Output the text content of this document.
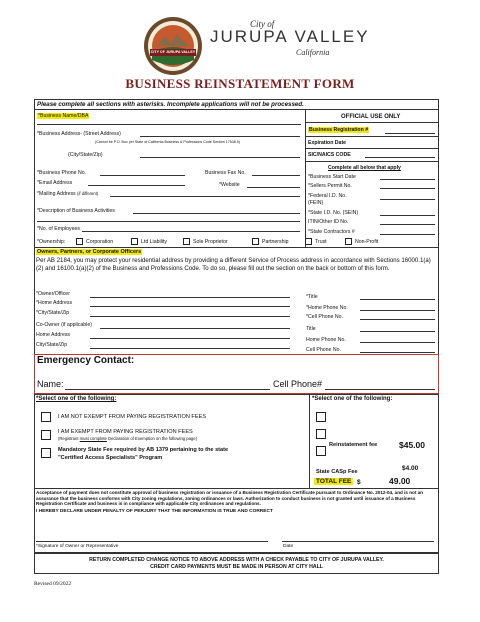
CITY OF JURUPA VALLEY
City of
JURUPA VALLEY
California
BUSINESS REINSTATEMENT FORM
Please complete all sections with asterisks. Incomplete applications will not be processed.
*Business Name/DBA
*Business Address- (Street Address)
(Cannot be P.O. Box per State of California Business & Professions Code Section 17538.5)
(City/State/Zip)
*Business Phone No.	Business Fax No.
*Email Address	*Website
*Mailing Address (if different)
*Description of Business Activities
*No. of Employees
*Ownership:	Corporation	Ltd Liability	Sole Proprietor	Partnership	Trust	Non-Profit
OFFICIAL USE ONLY
Business Registration #
Expiration Date
SIC/NAICS CODE
Complete all below that apply
*Business Start Date
*Sellers Permit No.
*Federal I.D. No.
(FEIN)
*State I.D. No. (SEIN)
ITIN/Other ID No.
*State Contractors #
Owners, Partners, or Corporate Officers
Per AB 2184, you may protect your residential address by providing a different Service of Process address in accordance with Sections 16000.1(a)(2) and 16100.1(a)(2) of the Business and Professions Code. To do so, please fill out the section on the back or bottom of this form.
*Owner/Officer
*Home Address
*City/State/Zip
*Title
*Home Phone No.
*Cell Phone No.
Co-Owner (if applicable)
Home Address
City/State/Zip
Title
Home Phone No.
Cell Phone No.
Emergency Contact:
Name:	Cell Phone#
*Select one of the following:
I AM NOT EXEMPT FROM PAYING REGISTRATION FEES
I AM EXEMPT FROM PAYING REGISTRATION FEES
(Registrant must complete Declaration of Exemption on the following page)
Mandatory State Fee required by AB 1379 pertaining to the state
"Certified Access Specialists" Program
*Select one of the following:
Reinstatement fee	$45.00
State CASp Fee	$4.00
TOTAL FEE $	49.00
Acceptance of payment does not constitute approval of business registration or issuance of a Business Registration Certificate pursuant to Ordinance No. 2012-04, and is not an assurance that the business conforms with City zoning regulations, zoning ordinances or laws. Authorization to conduct business is not granted until issuance of a Business Registration Certificate and business is in compliance with applicable City ordinances and regulations.
I HEREBY DECLARE UNDER PENALTY OF PERJURY THAT THE INFORMATION IS TRUE AND CORRECT
*Signature of Owner or Representative	Date
RETURN COMPLETED CHANGE NOTICE TO ABOVE ADDRESS WITH A CHECK PAYABLE TO CITY OF JURUPA VALLEY.
CREDIT CARD PAYMENTS MUST BE MADE IN PERSON AT CITY HALL
Revised 09/2022
